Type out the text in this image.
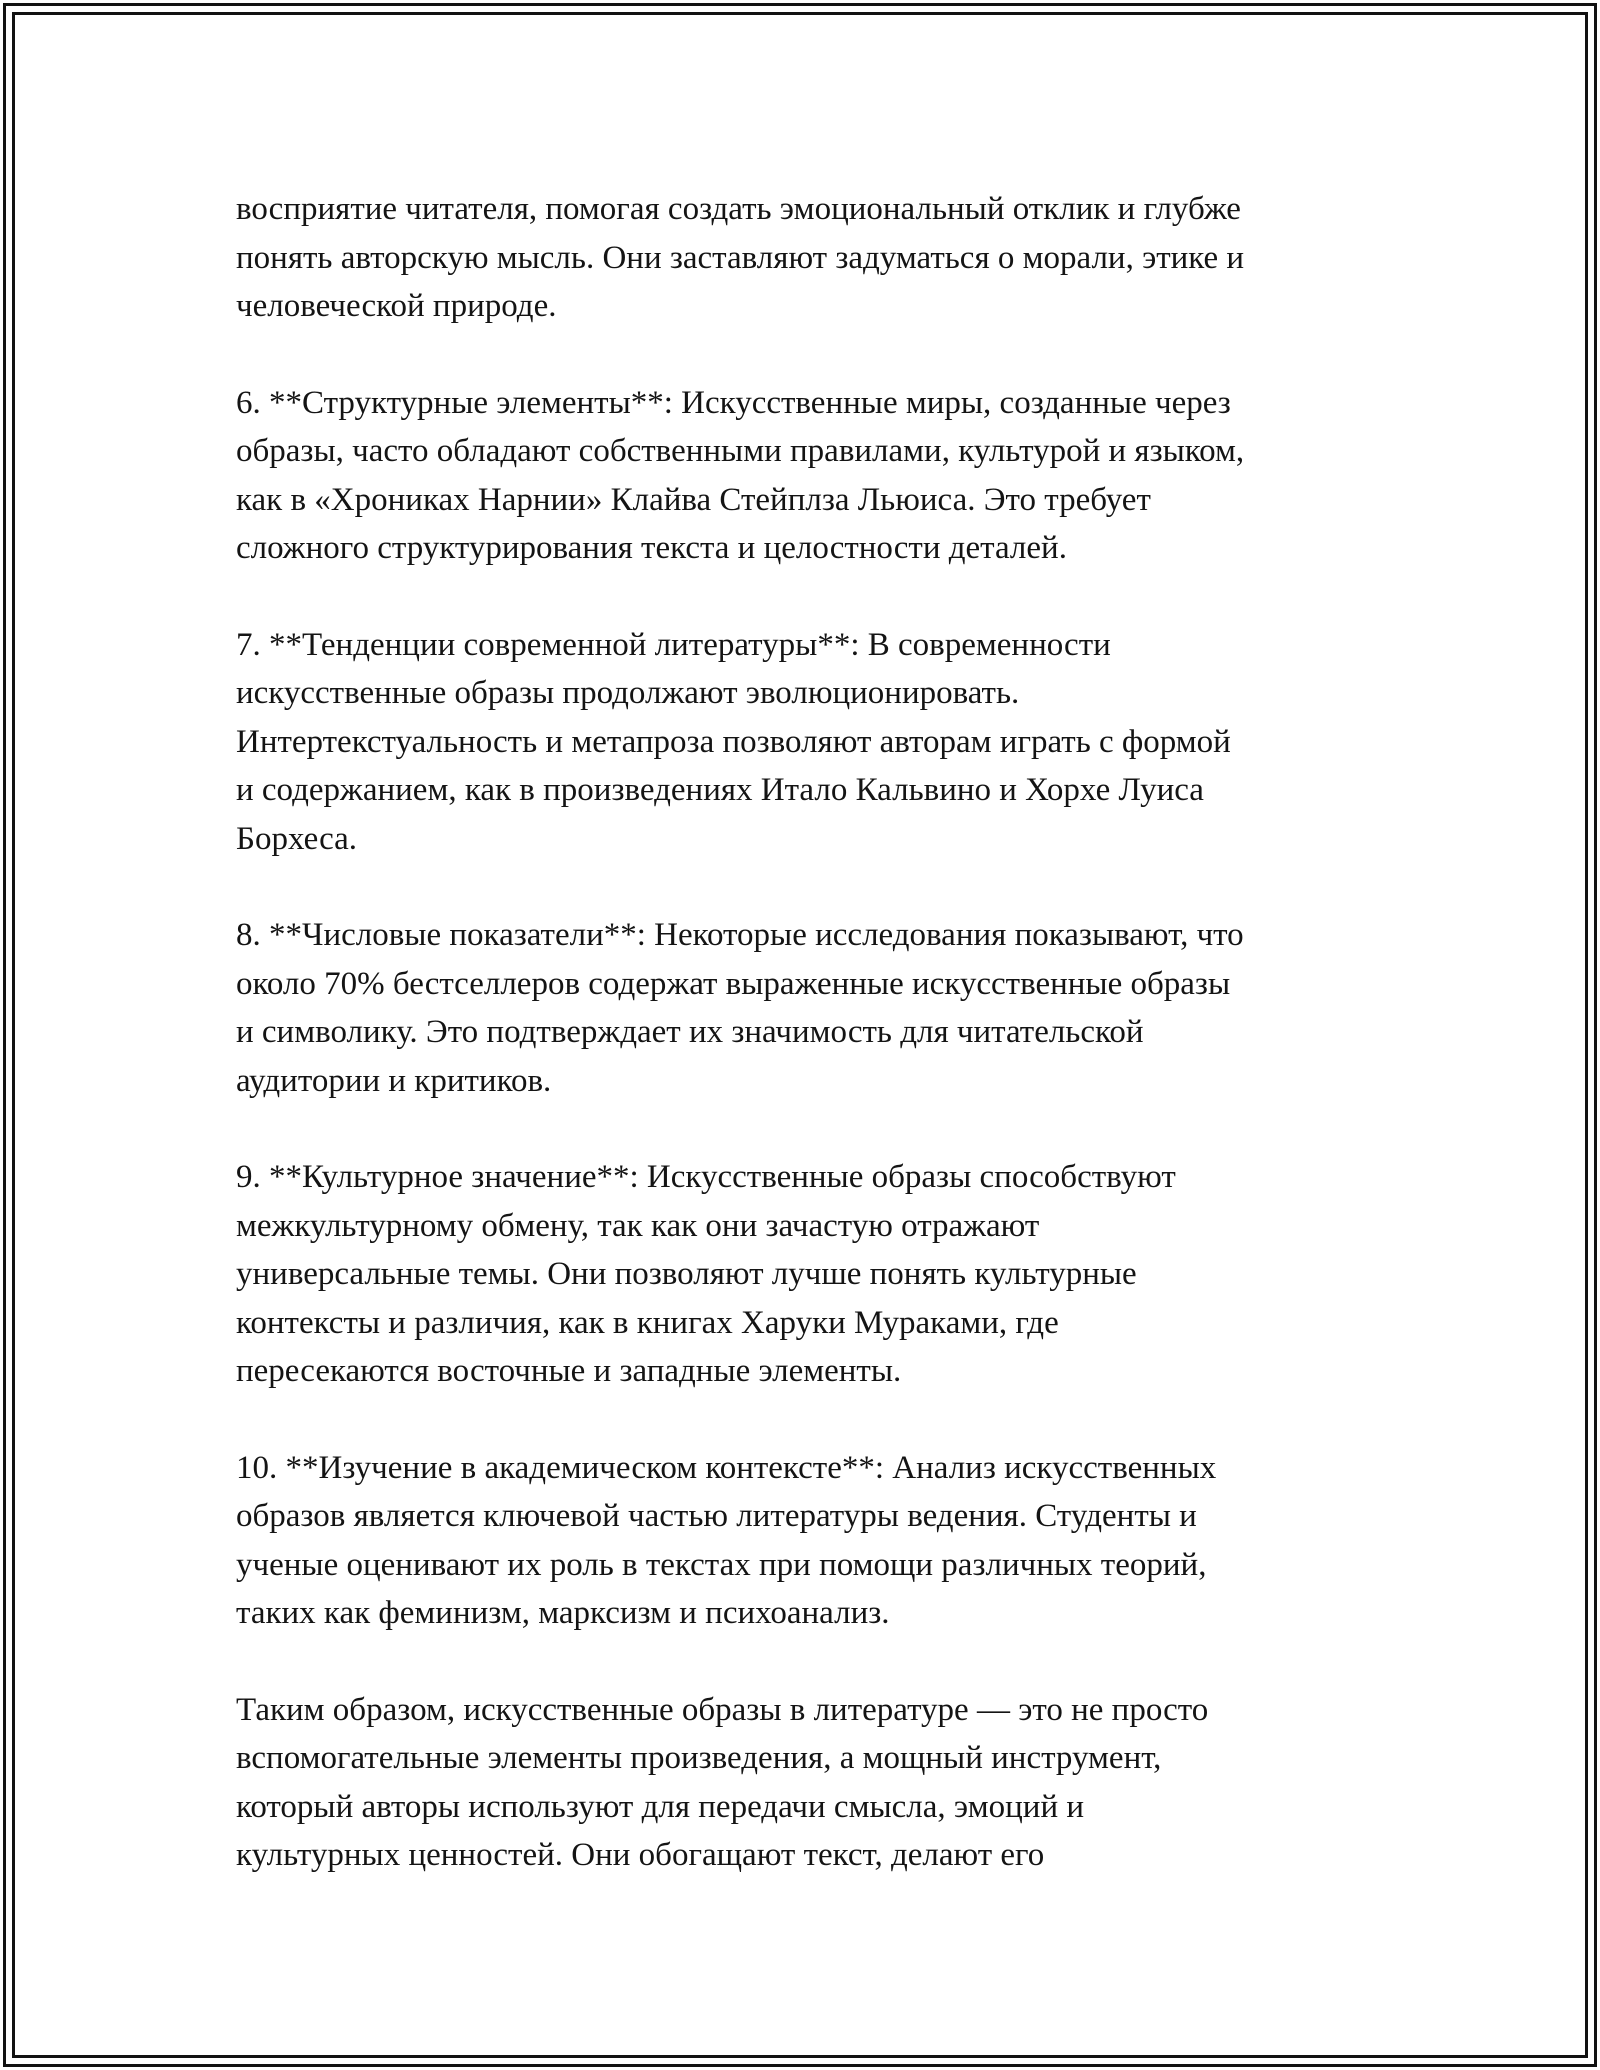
восприятие читателя, помогая создать эмоциональный отклик и глубже
понять авторскую мысль. Они заставляют задуматься о морали, этике и
человеческой природе.

6. **Структурные элементы**: Искусственные миры, созданные через
образы, часто обладают собственными правилами, культурой и языком,
как в «Хрониках Нарнии» Клайва Стейплза Льюиса. Это требует
сложного структурирования текста и целостности деталей.

7. **Тенденции современной литературы**: В современности
искусственные образы продолжают эволюционировать.
Интертекстуальность и метапроза позволяют авторам играть с формой
и содержанием, как в произведениях Итало Кальвино и Хорхе Луиса
Борхеса.

8. **Числовые показатели**: Некоторые исследования показывают, что
около 70% бестселлеров содержат выраженные искусственные образы
и символику. Это подтверждает их значимость для читательской
аудитории и критиков.

9. **Культурное значение**: Искусственные образы способствуют
межкультурному обмену, так как они зачастую отражают
универсальные темы. Они позволяют лучше понять культурные
контексты и различия, как в книгах Харуки Мураками, где
пересекаются восточные и западные элементы.

10. **Изучение в академическом контексте**: Анализ искусственных
образов является ключевой частью литературы ведения. Студенты и
ученые оценивают их роль в текстах при помощи различных теорий,
таких как феминизм, марксизм и психоанализ.

Таким образом, искусственные образы в литературе — это не просто
вспомогательные элементы произведения, а мощный инструмент,
который авторы используют для передачи смысла, эмоций и
культурных ценностей. Они обогащают текст, делают его
